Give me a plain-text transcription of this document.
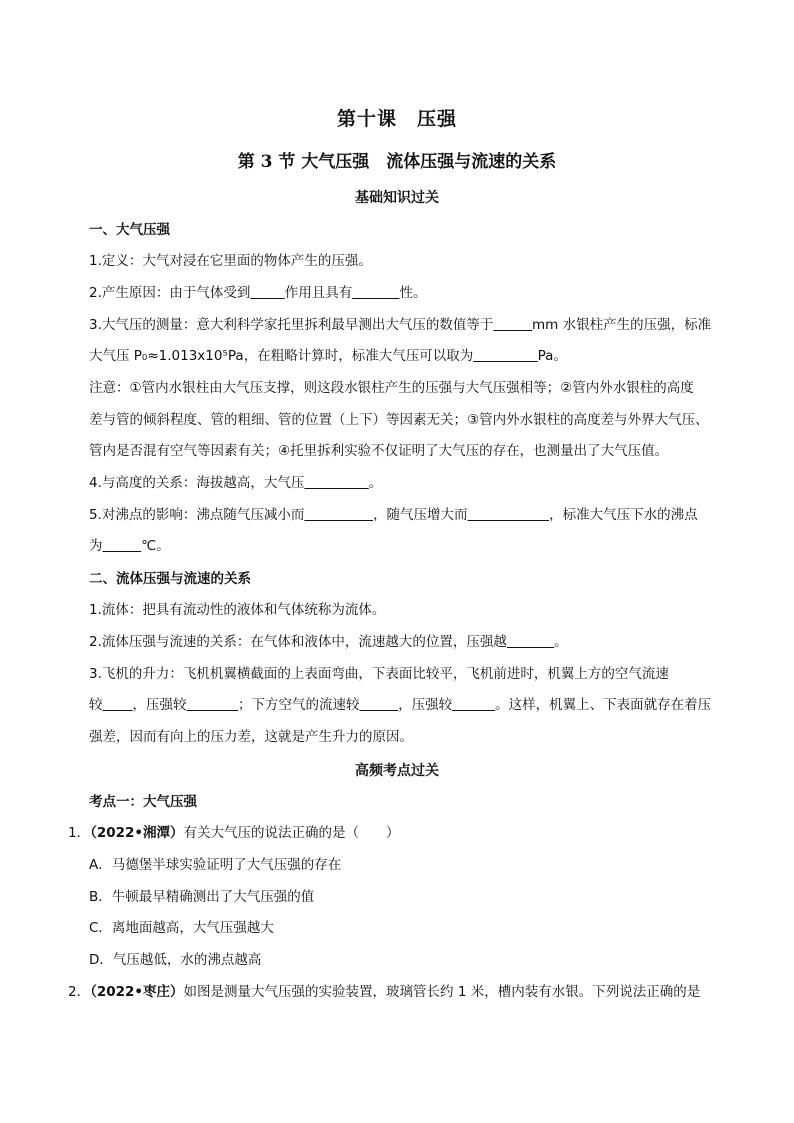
第十课　压强
第 3 节 大气压强　流体压强与流速的关系
基础知识过关
一、大气压强
1.定义：大气对浸在它里面的物体产生的压强。
2.产生原因：由于气体受到	作用且具有	性。
3.大气压的测量：意大利科学家托里拆利最早测出大气压的数值等于	mm 水银柱产生的压强，标准
大气压 P₀≈1.013x10⁵Pa，在粗略计算时，标准大气压可以取为	Pa。
注意：①管内水银柱由大气压支撑，则这段水银柱产生的压强与大气压强相等；②管内外水银柱的高度
差与管的倾斜程度、管的粗细、管的位置（上下）等因素无关；③管内外水银柱的高度差与外界大气压、
管内是否混有空气等因素有关；④托里拆利实验不仅证明了大气压的存在，也测量出了大气压值。
4.与高度的关系：海拔越高，大气压	。
5.对沸点的影响：沸点随气压减小而	，随气压增大而	，标准大气压下水的沸点
为	℃。
二、流体压强与流速的关系
1.流体：把具有流动性的液体和气体统称为流体。
2.流体压强与流速的关系：在气体和液体中，流速越大的位置，压强越	。
3.飞机的升力：飞机机翼横截面的上表面弯曲，下表面比较平，飞机前进时，机翼上方的空气流速
较 ，压强较	；下方空气的流速较	，压强较	。这样，机翼上、下表面就存在着压
强差，因而有向上的压力差，这就是产生升力的原因。
高频考点过关
考点一：大气压强
1．（2022•湘潭）有关大气压的说法正确的是（　　）
A．马德堡半球实验证明了大气压强的存在
B．牛顿最早精确测出了大气压强的值
C．离地面越高，大气压强越大
D．气压越低，水的沸点越高
2．（2022•枣庄）如图是测量大气压强的实验装置，玻璃管长约 1 米，槽内装有水银。下列说法正确的是
